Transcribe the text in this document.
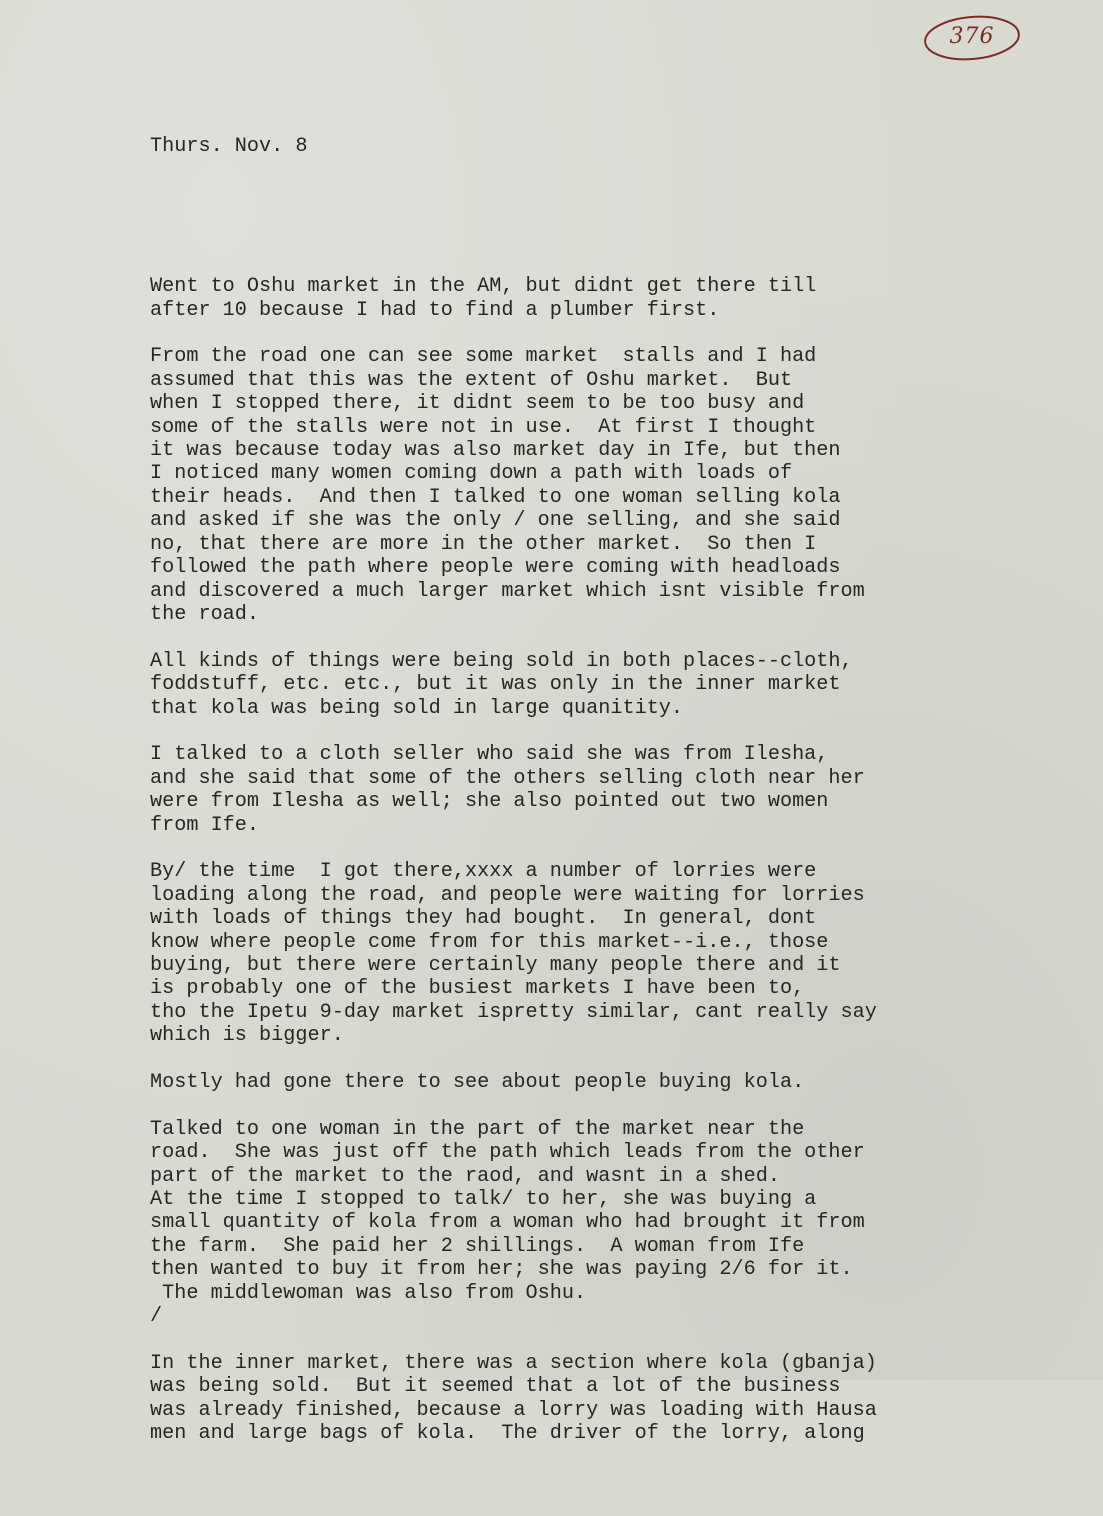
376

Thurs. Nov. 8

Went to Oshu market in the AM, but didnt get there till
after 10 because I had to find a plumber first.

From the road one can see some market  stalls and I had
assumed that this was the extent of Oshu market.  But
when I stopped there, it didnt seem to be too busy and
some of the stalls were not in use.  At first I thought
it was because today was also market day in Ife, but then
I noticed many women coming down a path with loads of
their heads.  And then I talked to one woman selling kola
and asked if she was the only / one selling, and she said
no, that there are more in the other market.  So then I
followed the path where people were coming with headloads
and discovered a much larger market which isnt visible from
the road.

All kinds of things were being sold in both places--cloth,
foddstuff, etc. etc., but it was only in the inner market
that kola was being sold in large quanitity.

I talked to a cloth seller who said she was from Ilesha,
and she said that some of the others selling cloth near her
were from Ilesha as well; she also pointed out two women
from Ife.

By/ the time  I got there,xxxx a number of lorries were
loading along the road, and people were waiting for lorries
with loads of things they had bought.  In general, dont
know where people come from for this market--i.e., those
buying, but there were certainly many people there and it
is probably one of the busiest markets I have been to,
tho the Ipetu 9-day market ispretty similar, cant really say
which is bigger.

Mostly had gone there to see about people buying kola.

Talked to one woman in the part of the market near the
road.  She was just off the path which leads from the other
part of the market to the raod, and wasnt in a shed.
At the time I stopped to talk/ to her, she was buying a
small quantity of kola from a woman who had brought it from
the farm.  She paid her 2 shillings.  A woman from Ife
then wanted to buy it from her; she was paying 2/6 for it.
The middlewoman was also from Oshu.
/

In the inner market, there was a section where kola (gbanja)
was being sold.  But it seemed that a lot of the business
was already finished, because a lorry was loading with Hausa
men and large bags of kola.  The driver of the lorry, along
